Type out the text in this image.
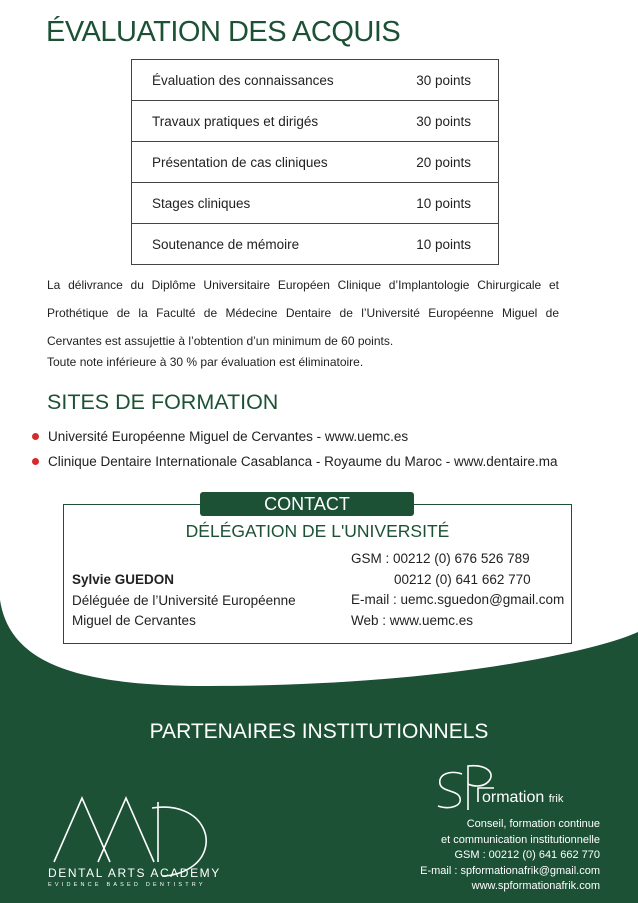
ÉVALUATION DES ACQUIS
Évaluation des connaissances	30 points
Travaux pratiques et dirigés	30 points
Présentation de cas cliniques	20 points
Stages cliniques	10 points
Soutenance de mémoire	10 points

La délivrance du Diplôme Universitaire Européen Clinique d’Implantologie Chirurgicale et Prothétique de la Faculté de Médecine Dentaire de l’Université Européenne Miguel de Cervantes est assujettie à l’obtention d’un minimum de 60 points.

Toute note inférieure à 30 % par évaluation est éliminatoire.

SITES DE FORMATION
Université Européenne Miguel de Cervantes - www.uemc.es
Clinique Dentaire Internationale Casablanca - Royaume du Maroc - www.dentaire.ma
CONTACT
DÉLÉGATION DE L'UNIVERSITÉ
Sylvie GUEDON
Déléguée de l’Université Européenne
Miguel de Cervantes
GSM : 00212 (0) 676 526 789
00212 (0) 641 662 770
E-mail : uemc.sguedon@gmail.com
Web : www.uemc.es
PARTENAIRES INSTITUTIONNELS
DENTAL ARTS ACADEMY
EVIDENCE BASED DENTISTRY
ormation frik
Conseil, formation continue
et communication institutionnelle
GSM : 00212 (0) 641 662 770
E-mail : spformationafrik@gmail.com
www.spformationafrik.com
